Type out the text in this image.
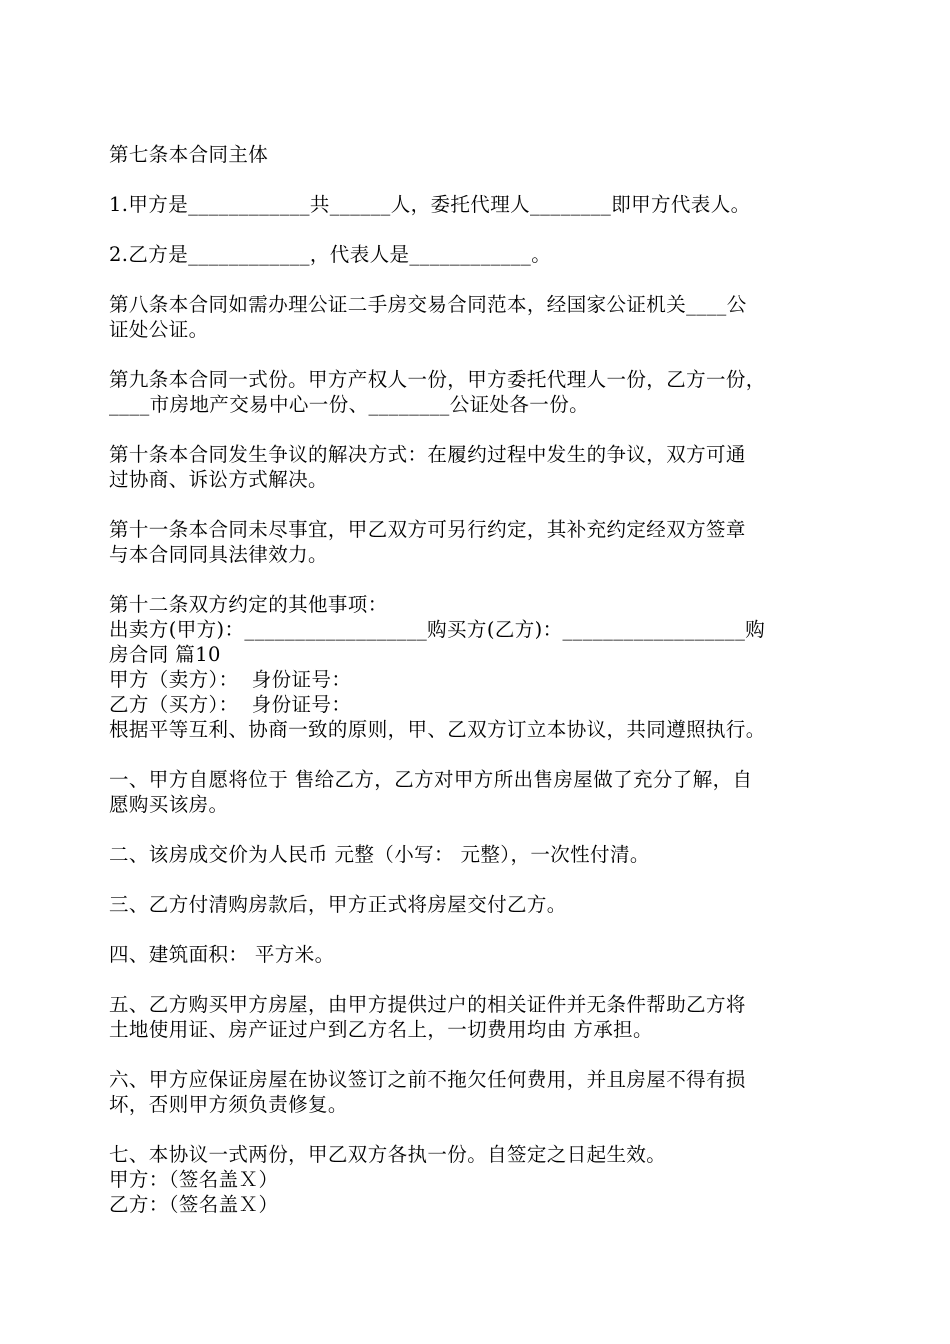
第七条本合同主体
1.甲方是____________共______人，委托代理人________即甲方代表人。
2.乙方是____________，代表人是____________。
第八条本合同如需办理公证二手房交易合同范本，经国家公证机关____公
证处公证。
第九条本合同一式份。甲方产权人一份，甲方委托代理人一份，乙方一份，
____市房地产交易中心一份、________公证处各一份。
第十条本合同发生争议的解决方式：在履约过程中发生的争议，双方可通
过协商、诉讼方式解决。
第十一条本合同未尽事宜，甲乙双方可另行约定，其补充约定经双方签章
与本合同同具法律效力。
第十二条双方约定的其他事项：
出卖方(甲方)：__________________购买方(乙方)：__________________购
房合同 篇10
甲方（卖方）：  身份证号：
乙方（买方）：  身份证号：
根据平等互利、协商一致的原则，甲、乙双方订立本协议，共同遵照执行。
一、甲方自愿将位于 售给乙方，乙方对甲方所出售房屋做了充分了解，自
愿购买该房。
二、该房成交价为人民币 元整（小写： 元整），一次性付清。
三、乙方付清购房款后，甲方正式将房屋交付乙方。
四、建筑面积： 平方米。
五、乙方购买甲方房屋，由甲方提供过户的相关证件并无条件帮助乙方将
土地使用证、房产证过户到乙方名上，一切费用均由 方承担。
六、甲方应保证房屋在协议签订之前不拖欠任何费用，并且房屋不得有损
坏，否则甲方须负责修复。
七、本协议一式两份，甲乙双方各执一份。自签定之日起生效。
甲方：（签名盖Ｘ）
乙方：（签名盖Ｘ）
